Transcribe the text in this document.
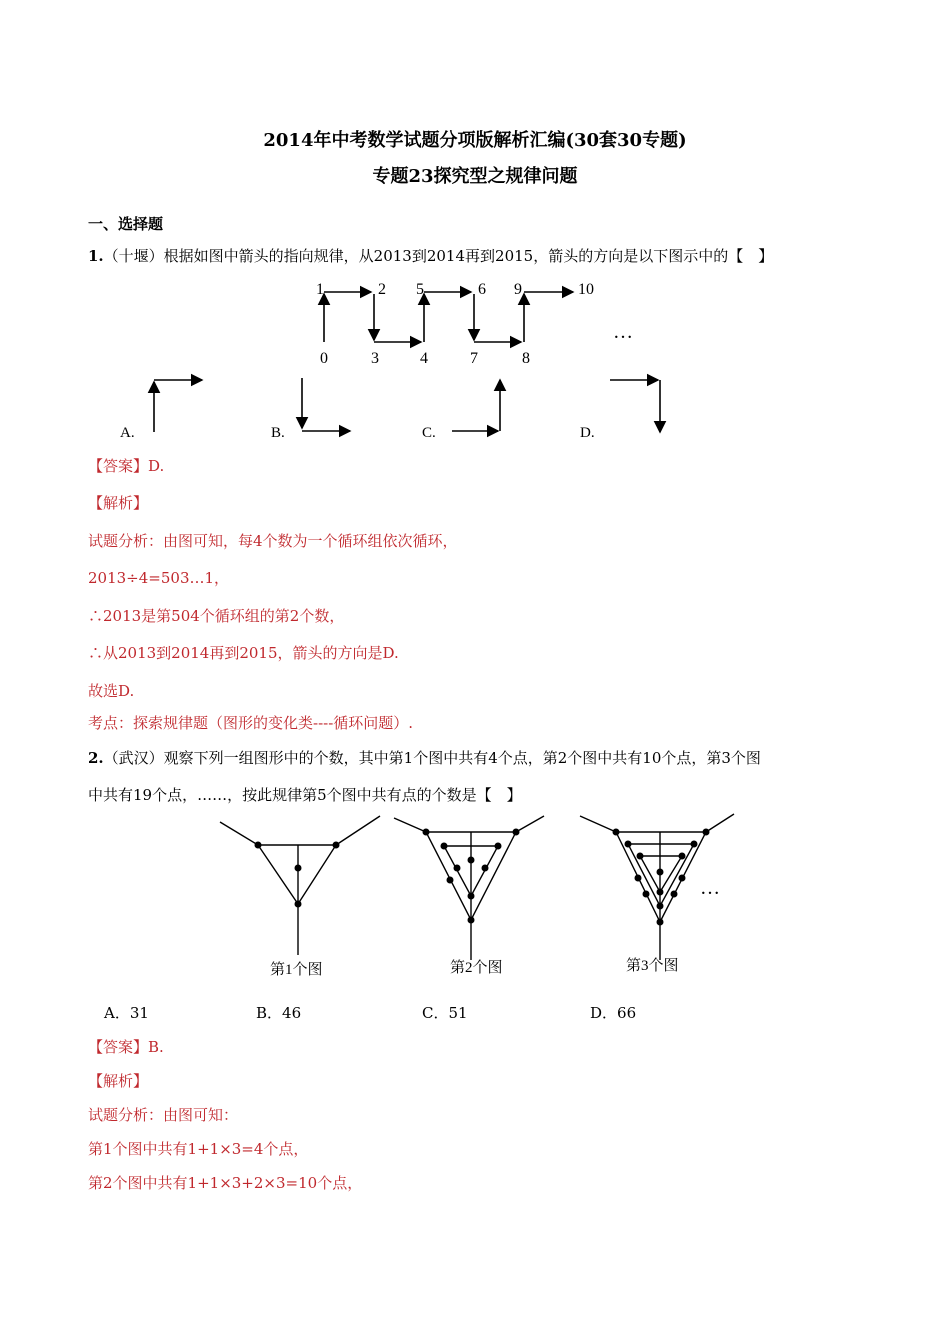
2014年中考数学试题分项版解析汇编(30套30专题)
专题23探究型之规律问题
一、选择题
1.（十堰）根据如图中箭头的指向规律，从2013到2014再到2015，箭头的方向是以下图示中的【　】
1	2 5	6 9	10
0	3	4	7	8
…
A.	B.	C.	D.
【答案】D.
【解析】
试题分析：由图可知，每4个数为一个循环组依次循环，
2013÷4=503…1，
∴2013是第504个循环组的第2个数，
∴从2013到2014再到2015，箭头的方向是D.
故选D.
考点：探索规律题（图形的变化类----循环问题）.
2.（武汉）观察下列一组图形中的个数，其中第1个图中共有4个点，第2个图中共有10个点，第3个图
中共有19个点，……，按此规律第5个图中共有点的个数是【　】
第1个图	第2个图	第3个图
…
A．31	B．46	C．51	D．66
【答案】B.
【解析】
试题分析：由图可知：
第1个图中共有1+1×3=4个点，
第2个图中共有1+1×3+2×3=10个点，
